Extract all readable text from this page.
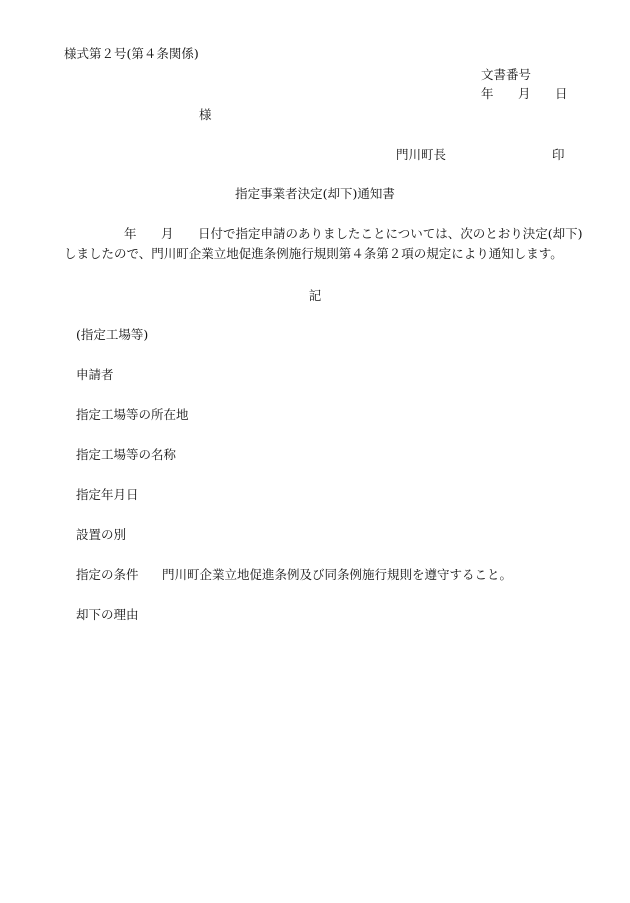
様式第２号(第４条関係)
文書番号
年 月 日
様
門川町長	印
指定事業者決定(却下)通知書
年 月 日付で指定申請のありましたことについては、次のとおり決定(却下)
しましたので、門川町企業立地促進条例施行規則第４条第２項の規定により通知します。
記
(指定工場等)
申請者
指定工場等の所在地
指定工場等の名称
指定年月日
設置の別
指定の条件 門川町企業立地促進条例及び同条例施行規則を遵守すること。
却下の理由
